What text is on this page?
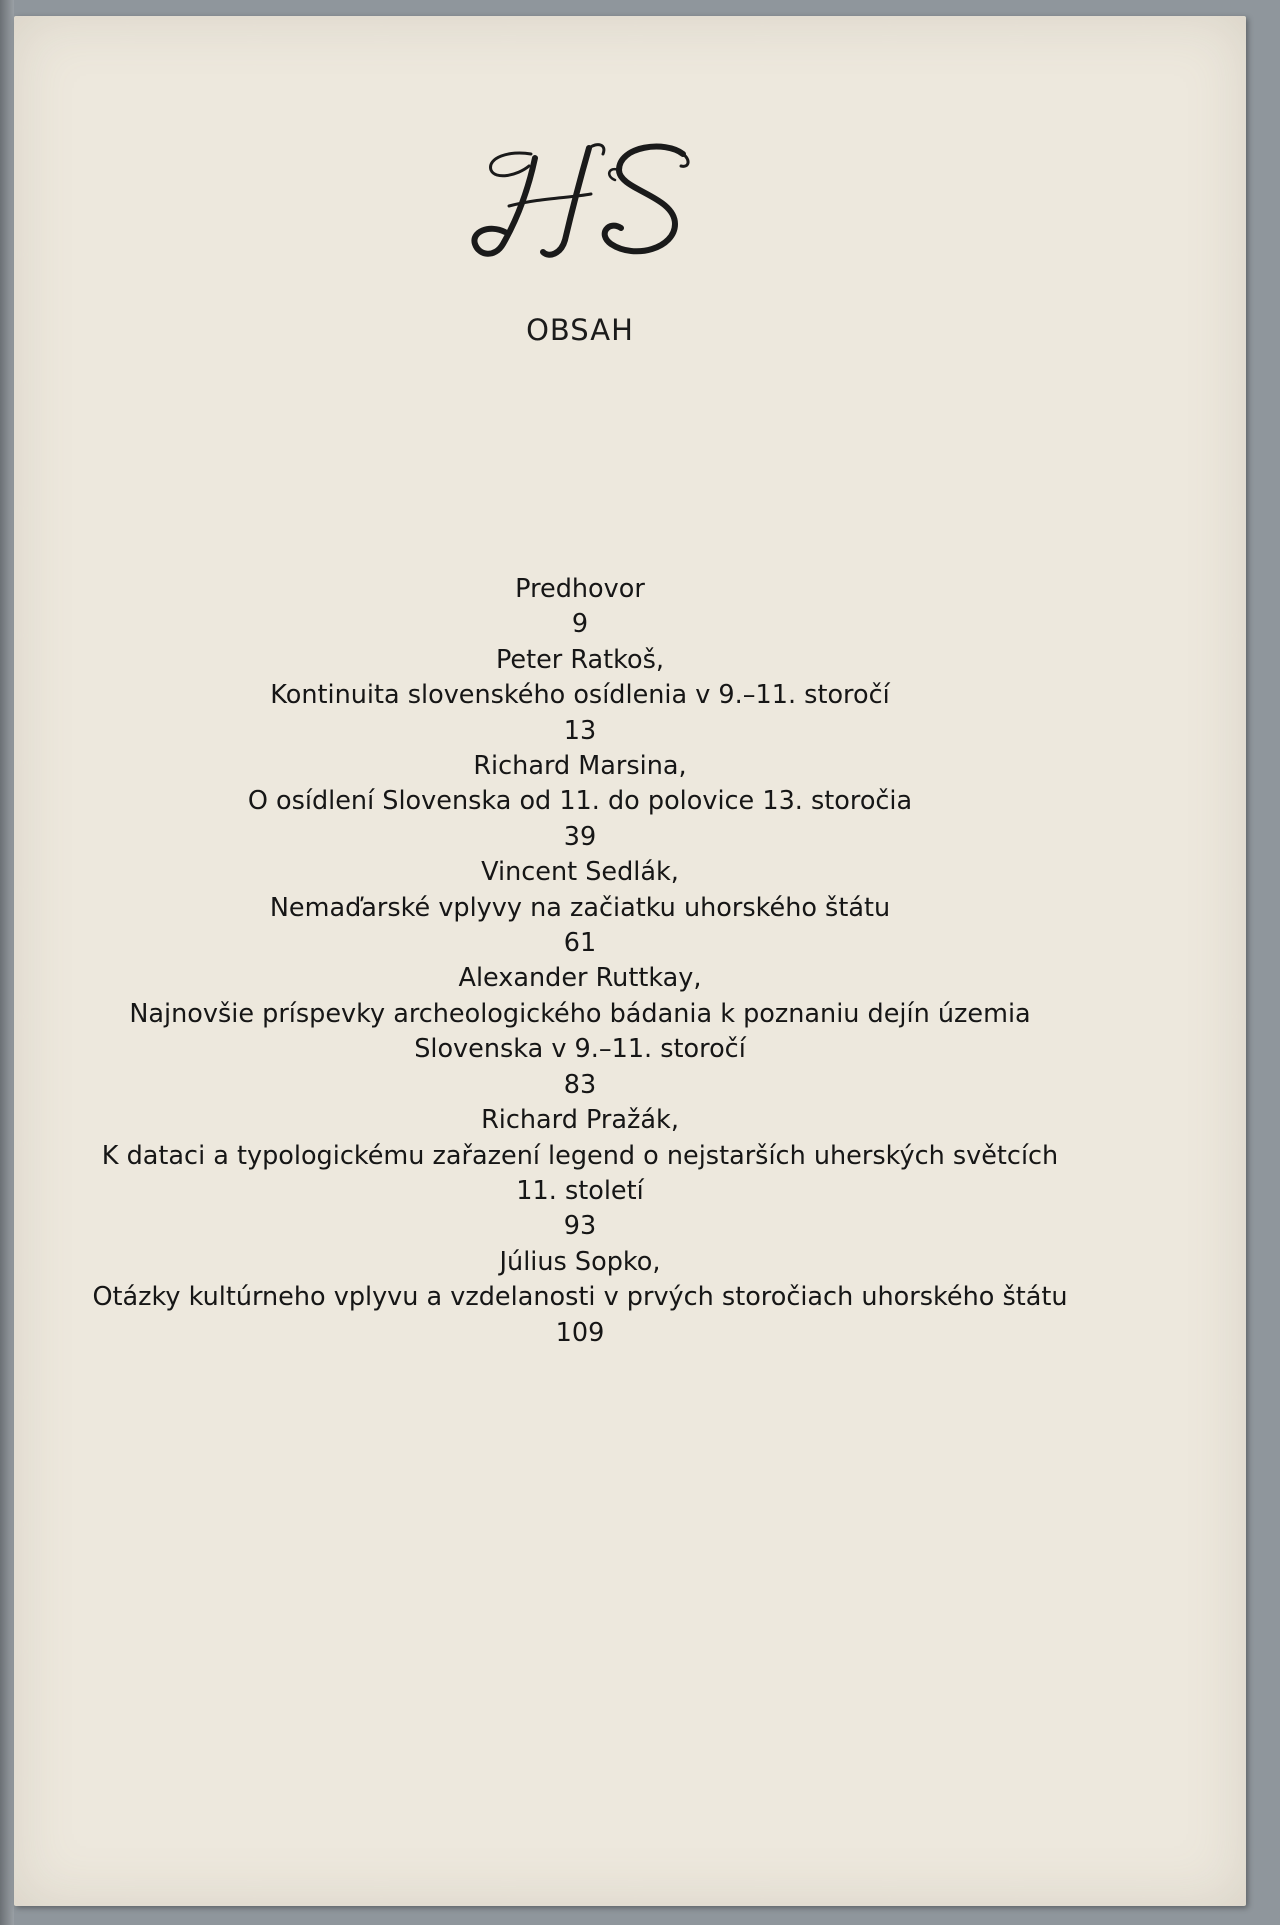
OBSAH
Predhovor
9
Peter Ratkoš,
Kontinuita slovenského osídlenia v 9.–11. storočí
13
Richard Marsina,
O osídlení Slovenska od 11. do polovice 13. storočia
39
Vincent Sedlák,
Nemaďarské vplyvy na začiatku uhorského štátu
61
Alexander Ruttkay,
Najnovšie príspevky archeologického bádania k poznaniu dejín územia
Slovenska v 9.–11. storočí
83
Richard Pražák,
K dataci a typologickému zařazení legend o nejstarších uherských světcích
11. století
93
Július Sopko,
Otázky kultúrneho vplyvu a vzdelanosti v prvých storočiach uhorského štátu
109
